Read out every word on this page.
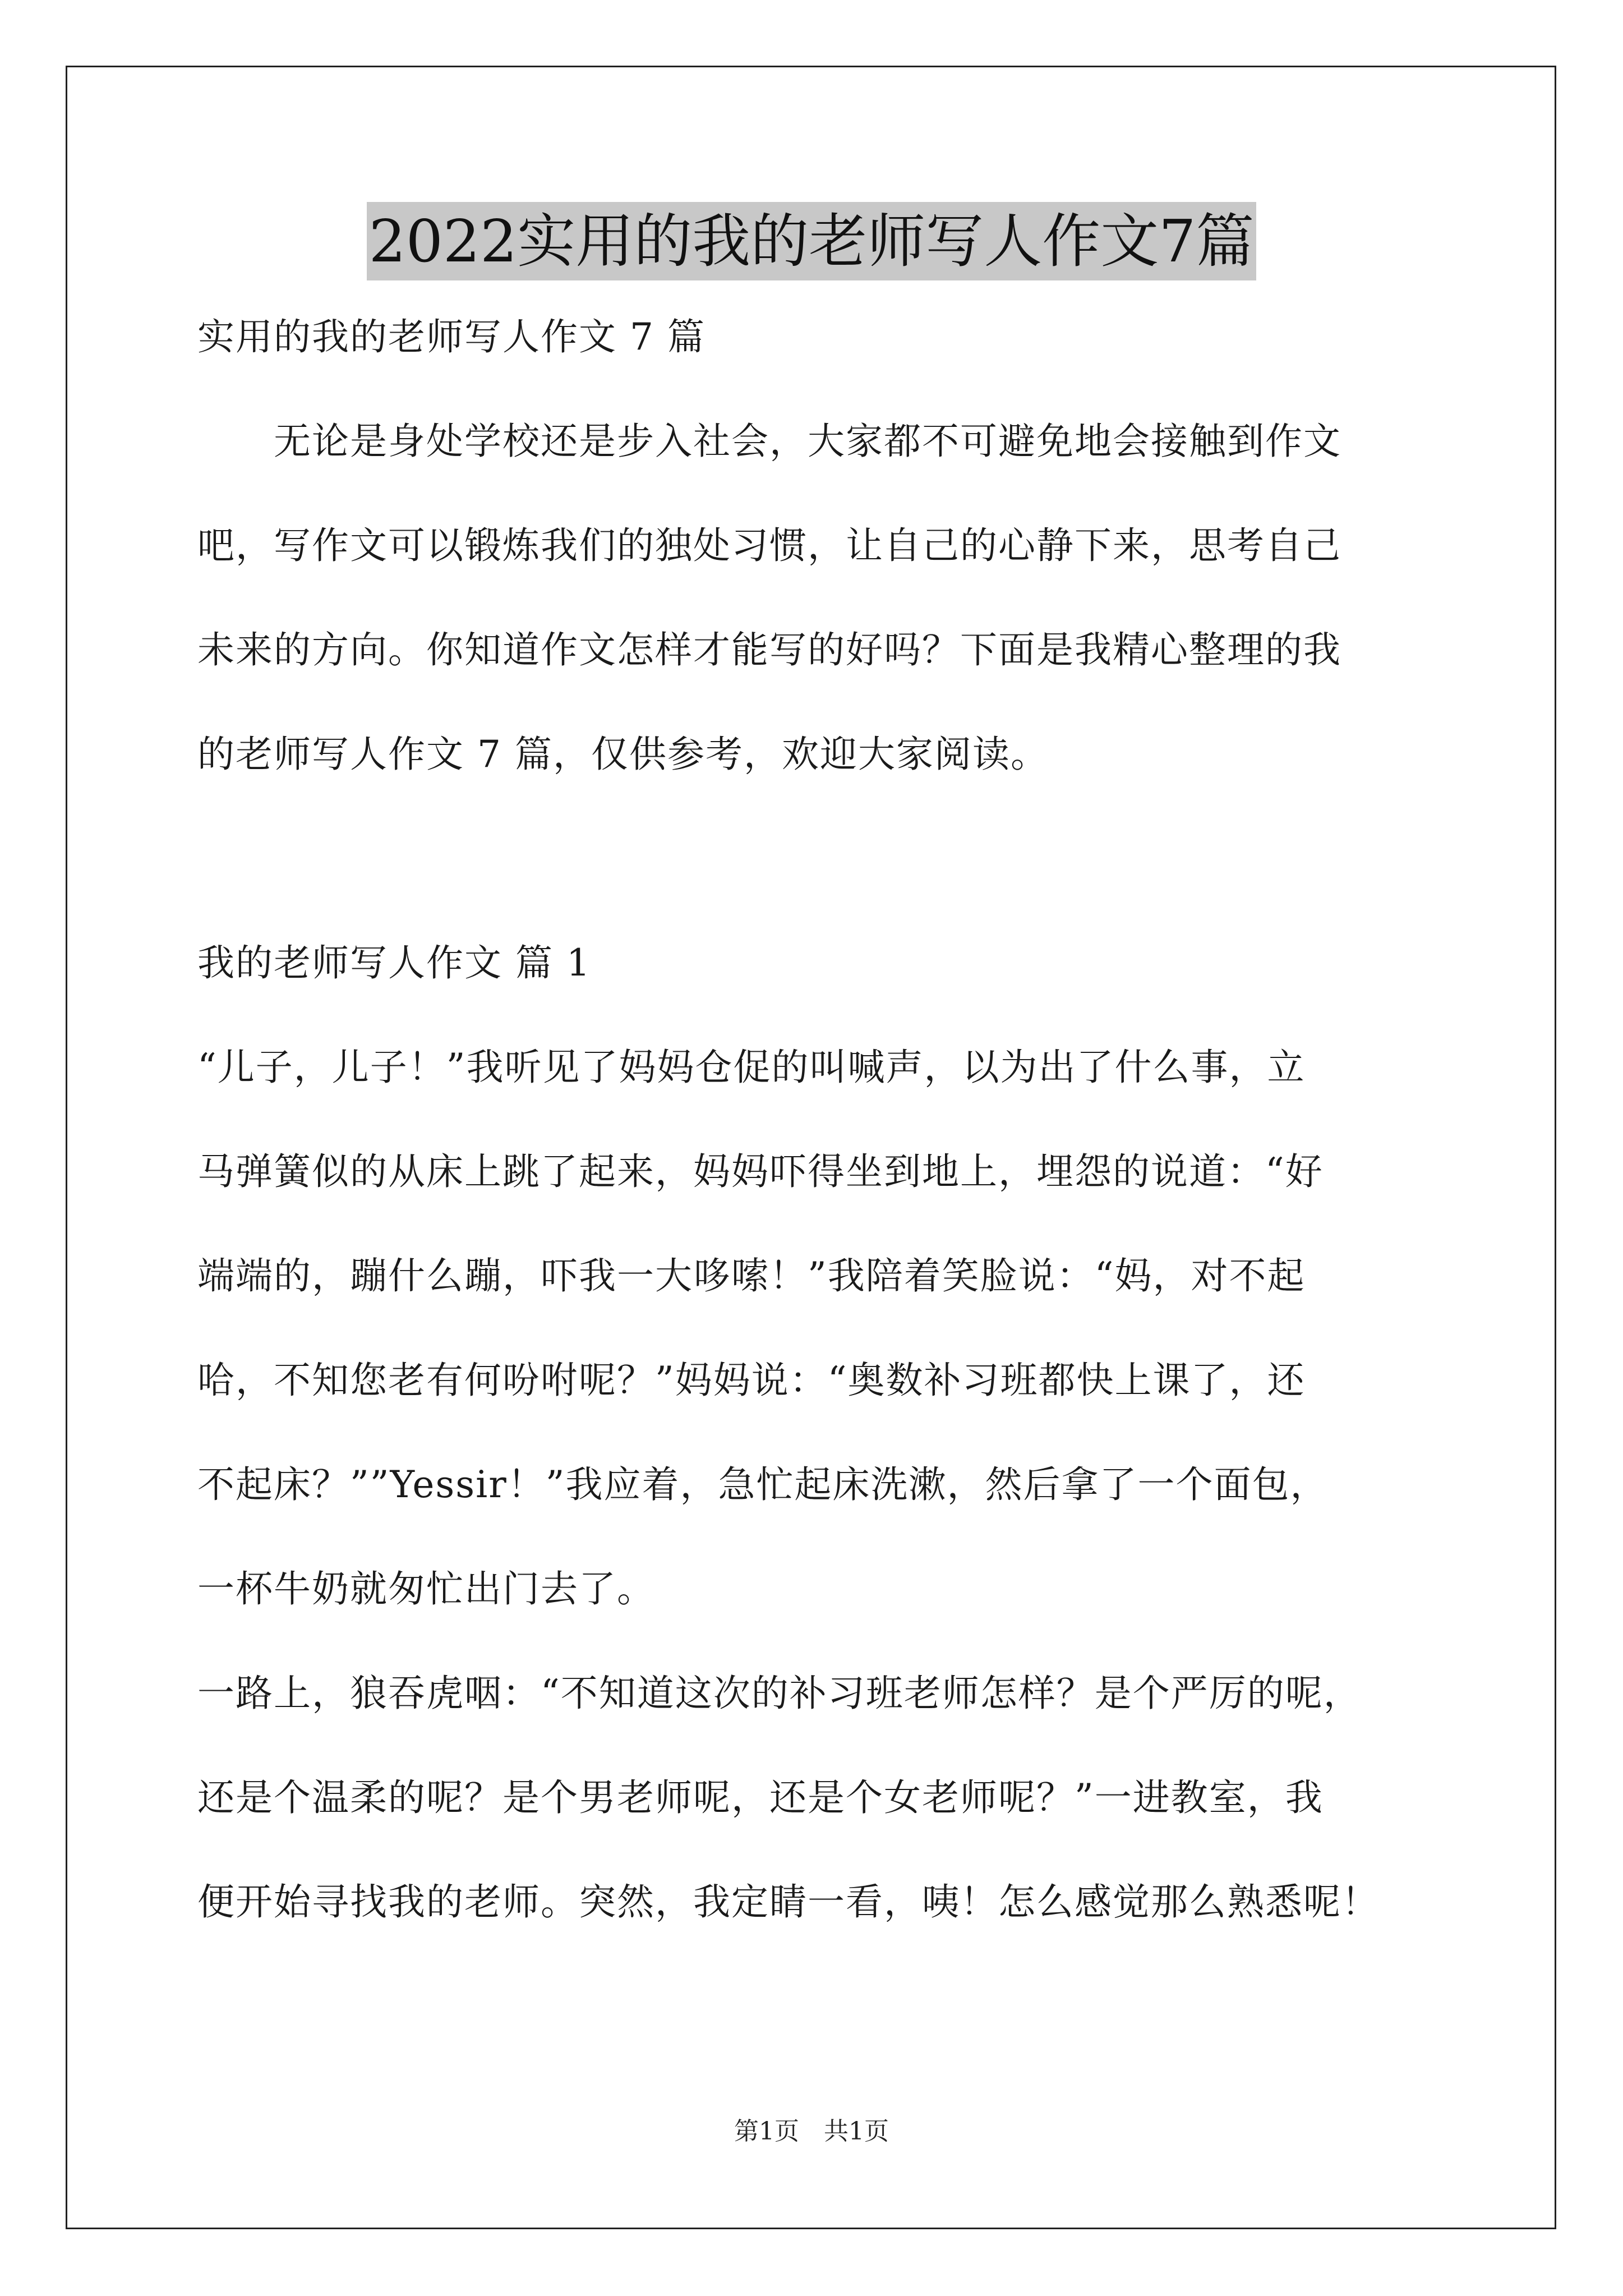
2022实用的我的老师写人作文7篇
实用的我的老师写人作文 7 篇
　　无论是身处学校还是步入社会，大家都不可避免地会接触到作文
吧，写作文可以锻炼我们的独处习惯，让自己的心静下来，思考自己
未来的方向。你知道作文怎样才能写的好吗？下面是我精心整理的我
的老师写人作文 7 篇，仅供参考，欢迎大家阅读。
我的老师写人作文 篇 1
“儿子，儿子！”我听见了妈妈仓促的叫喊声，以为出了什么事，立
马弹簧似的从床上跳了起来，妈妈吓得坐到地上，埋怨的说道：“好
端端的，蹦什么蹦，吓我一大哆嗦！”我陪着笑脸说：“妈，对不起
哈，不知您老有何吩咐呢？”妈妈说：“奥数补习班都快上课了，还
不起床？””Yessir！”我应着，急忙起床洗漱，然后拿了一个面包，
一杯牛奶就匆忙出门去了。
一路上，狼吞虎咽：“不知道这次的补习班老师怎样？是个严厉的呢，
还是个温柔的呢？是个男老师呢，还是个女老师呢？”一进教室，我
便开始寻找我的老师。突然，我定睛一看，咦！怎么感觉那么熟悉呢！
第1页 共1页
